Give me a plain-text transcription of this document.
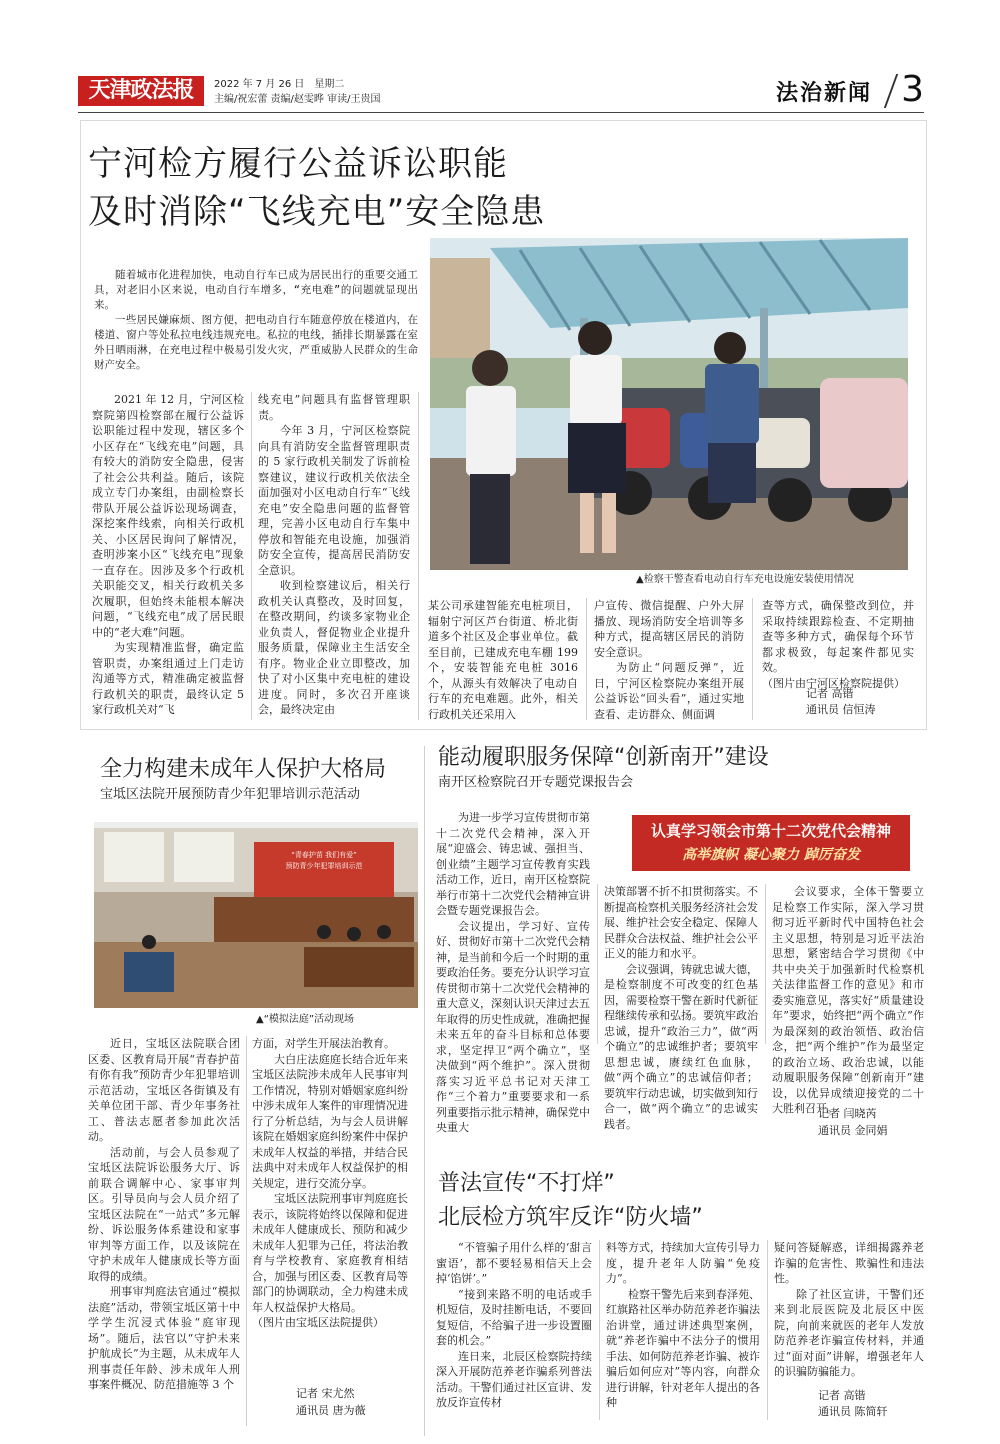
天津政法报	2022 年 7 月 26 日　星期二
主编/祝宏蕾 责编/赵雯晔 审读/王贵国	法治新闻 3
宁河检方履行公益诉讼职能
及时消除“飞线充电”安全隐患

随着城市化进程加快，电动自行车已成为居民出行的重要交通工具，对老旧小区来说，电动自行车增多，“充电难”的问题就显现出来。

一些居民嫌麻烦、图方便，把电动自行车随意停放在楼道内，在楼道、窗户等处私拉电线违规充电。私拉的电线，插排长期暴露在室外日晒雨淋，在充电过程中极易引发火灾，严重威胁人民群众的生命财产安全。

2021 年 12 月，宁河区检察院第四检察部在履行公益诉讼职能过程中发现，辖区多个小区存在“飞线充电”问题，具有较大的消防安全隐患，侵害了社会公共利益。随后，该院成立专门办案组，由副检察长带队开展公益诉讼现场调查，深挖案件线索，向相关行政机关、小区居民询问了解情况，查明涉案小区“飞线充电”现象一直存在。因涉及多个行政机关职能交叉，相关行政机关多次履职，但始终未能根本解决问题，“飞线充电”成了居民眼中的“老大难”问题。

为实现精准监督，确定监管职责，办案组通过上门走访沟通等方式，精准确定被监督行政机关的职责，最终认定 5 家行政机关对“飞

线充电”问题具有监督管理职责。

今年 3 月，宁河区检察院向具有消防安全监督管理职责的 5 家行政机关制发了诉前检察建议，建议行政机关依法全面加强对小区电动自行车“飞线充电”安全隐患问题的监督管理，完善小区电动自行车集中停放和智能充电设施，加强消防安全宣传，提高居民消防安全意识。

收到检察建议后，相关行政机关认真整改，及时回复，在整改期间，约谈多家物业企业负责人，督促物业企业提升服务质量，保障业主生活安全有序。物业企业立即整改，加快了对小区集中充电桩的建设进度。同时，多次召开座谈会，最终决定由

▲检察干警查看电动自行车充电设施安装使用情况

某公司承建智能充电桩项目，辐射宁河区芦台街道、桥北街道多个社区及企事业单位。截至目前，已建成充电车棚 199 个，安装智能充电桩 3016 个，从源头有效解决了电动自行车的充电难题。此外，相关行政机关还采用入

户宣传、微信提醒、户外大屏播放、现场消防安全培训等多种方式，提高辖区居民的消防安全意识。

为防止“问题反弹”，近日，宁河区检察院办案组开展公益诉讼“回头看”，通过实地查看、走访群众、侧面调

查等方式，确保整改到位，并采取持续跟踪检查、不定期抽查等多种方式，确保每个环节都求极致，每起案件都见实效。

（图片由宁河区检察院提供）

记者 高锴
通讯员 信恒涛
全力构建未成年人保护大格局
宝坻区法院开展预防青少年犯罪培训示范活动
“青春护苗 我们有爱”
预防青少年犯罪培训示范
▲“模拟法庭”活动现场

近日，宝坻区法院联合团区委、区教育局开展“青春护苗 有你有我”预防青少年犯罪培训示范活动，宝坻区各街镇及有关单位团干部、青少年事务社工、普法志愿者参加此次活动。

活动前，与会人员参观了宝坻区法院诉讼服务大厅、诉前联合调解中心、家事审判区。引导员向与会人员介绍了宝坻区法院在“一站式”多元解纷、诉讼服务体系建设和家事审判等方面工作，以及该院在守护未成年人健康成长等方面取得的成绩。

刑事审判庭法官通过“模拟法庭”活动，带领宝坻区第十中学学生沉浸式体验“庭审现场”。随后，法官以“守护未来 护航成长”为主题，从未成年人刑事责任年龄、涉未成年人刑事案件概况、防范措施等 3 个

方面，对学生开展法治教育。

大白庄法庭庭长结合近年来宝坻区法院涉未成年人民事审判工作情况，特别对婚姻家庭纠纷中涉未成年人案件的审理情况进行了分析总结，为与会人员讲解该院在婚姻家庭纠纷案件中保护未成年人权益的举措，并结合民法典中对未成年人权益保护的相关规定，进行交流分享。

宝坻区法院刑事审判庭庭长表示，该院将始终以保障和促进未成年人健康成长、预防和减少未成年人犯罪为己任，将法治教育与学校教育、家庭教育相结合，加强与团区委、区教育局等部门的协调联动，全力构建未成年人权益保护大格局。

（图片由宝坻区法院提供）

记者 宋尤然
通讯员 唐为薇
能动履职服务保障“创新南开”建设
南开区检察院召开专题党课报告会
认真学习领会市第十二次党代会精神
高举旗帜 凝心聚力 踔厉奋发

为进一步学习宣传贯彻市第十二次党代会精神，深入开展“迎盛会、铸忠诚、强担当、创业绩”主题学习宣传教育实践活动工作，近日，南开区检察院举行市第十二次党代会精神宣讲会暨专题党课报告会。

会议提出，学习好、宣传好、贯彻好市第十二次党代会精神，是当前和今后一个时期的重要政治任务。要充分认识学习宣传贯彻市第十二次党代会精神的重大意义，深刻认识天津过去五年取得的历史性成就，准确把握未来五年的奋斗目标和总体要求，坚定捍卫“两个确立”，坚决做到“两个维护”。深入贯彻落实习近平总书记对天津工作“三个着力”重要要求和一系列重要指示批示精神，确保党中央重大

决策部署不折不扣贯彻落实。不断提高检察机关服务经济社会发展、维护社会安全稳定、保障人民群众合法权益、维护社会公平正义的能力和水平。

会议强调，铸就忠诚大德，是检察制度不可改变的红色基因，需要检察干警在新时代新征程继续传承和弘扬。要筑牢政治忠诚，提升“政治三力”，做“两个确立”的忠诚维护者；要筑牢思想忠诚，赓续红色血脉，做“两个确立”的忠诚信仰者；要筑牢行动忠诚，切实做到知行合一，做“两个确立”的忠诚实践者。

会议要求，全体干警要立足检察工作实际，深入学习贯彻习近平新时代中国特色社会主义思想，特别是习近平法治思想，紧密结合学习贯彻《中共中央关于加强新时代检察机关法律监督工作的意见》和市委实施意见，落实好“质量建设年”要求，始终把“两个确立”作为最深刻的政治领悟、政治信念，把“两个维护”作为最坚定的政治立场、政治忠诚，以能动履职服务保障“创新南开”建设，以优异成绩迎接党的二十大胜利召开。

记者 闫晓芮
通讯员 金同娟
普法宣传“不打烊”
北辰检方筑牢反诈“防火墙”

“不管骗子用什么样的‘甜言蜜语’，都不要轻易相信天上会掉‘馅饼’。”

“接到来路不明的电话或手机短信，及时挂断电话，不要回复短信，不给骗子进一步设置圈套的机会。”

连日来，北辰区检察院持续深入开展防范养老诈骗系列普法活动。干警们通过社区宣讲、发放反诈宣传材

料等方式，持续加大宣传引导力度，提升老年人防骗“免疫力”。

检察干警先后来到春泽苑、红旗路社区举办防范养老诈骗法治讲堂，通过讲述典型案例，就“养老诈骗中不法分子的惯用手法、如何防范养老诈骗、被诈骗后如何应对”等内容，向群众进行讲解，针对老年人提出的各种

疑问答疑解惑，详细揭露养老诈骗的危害性、欺骗性和违法性。

除了社区宣讲，干警们还来到北辰医院及北辰区中医院，向前来就医的老年人发放防范养老诈骗宣传材料，并通过“面对面”讲解，增强老年人的识骗防骗能力。

记者 高锴
通讯员 陈简轩
